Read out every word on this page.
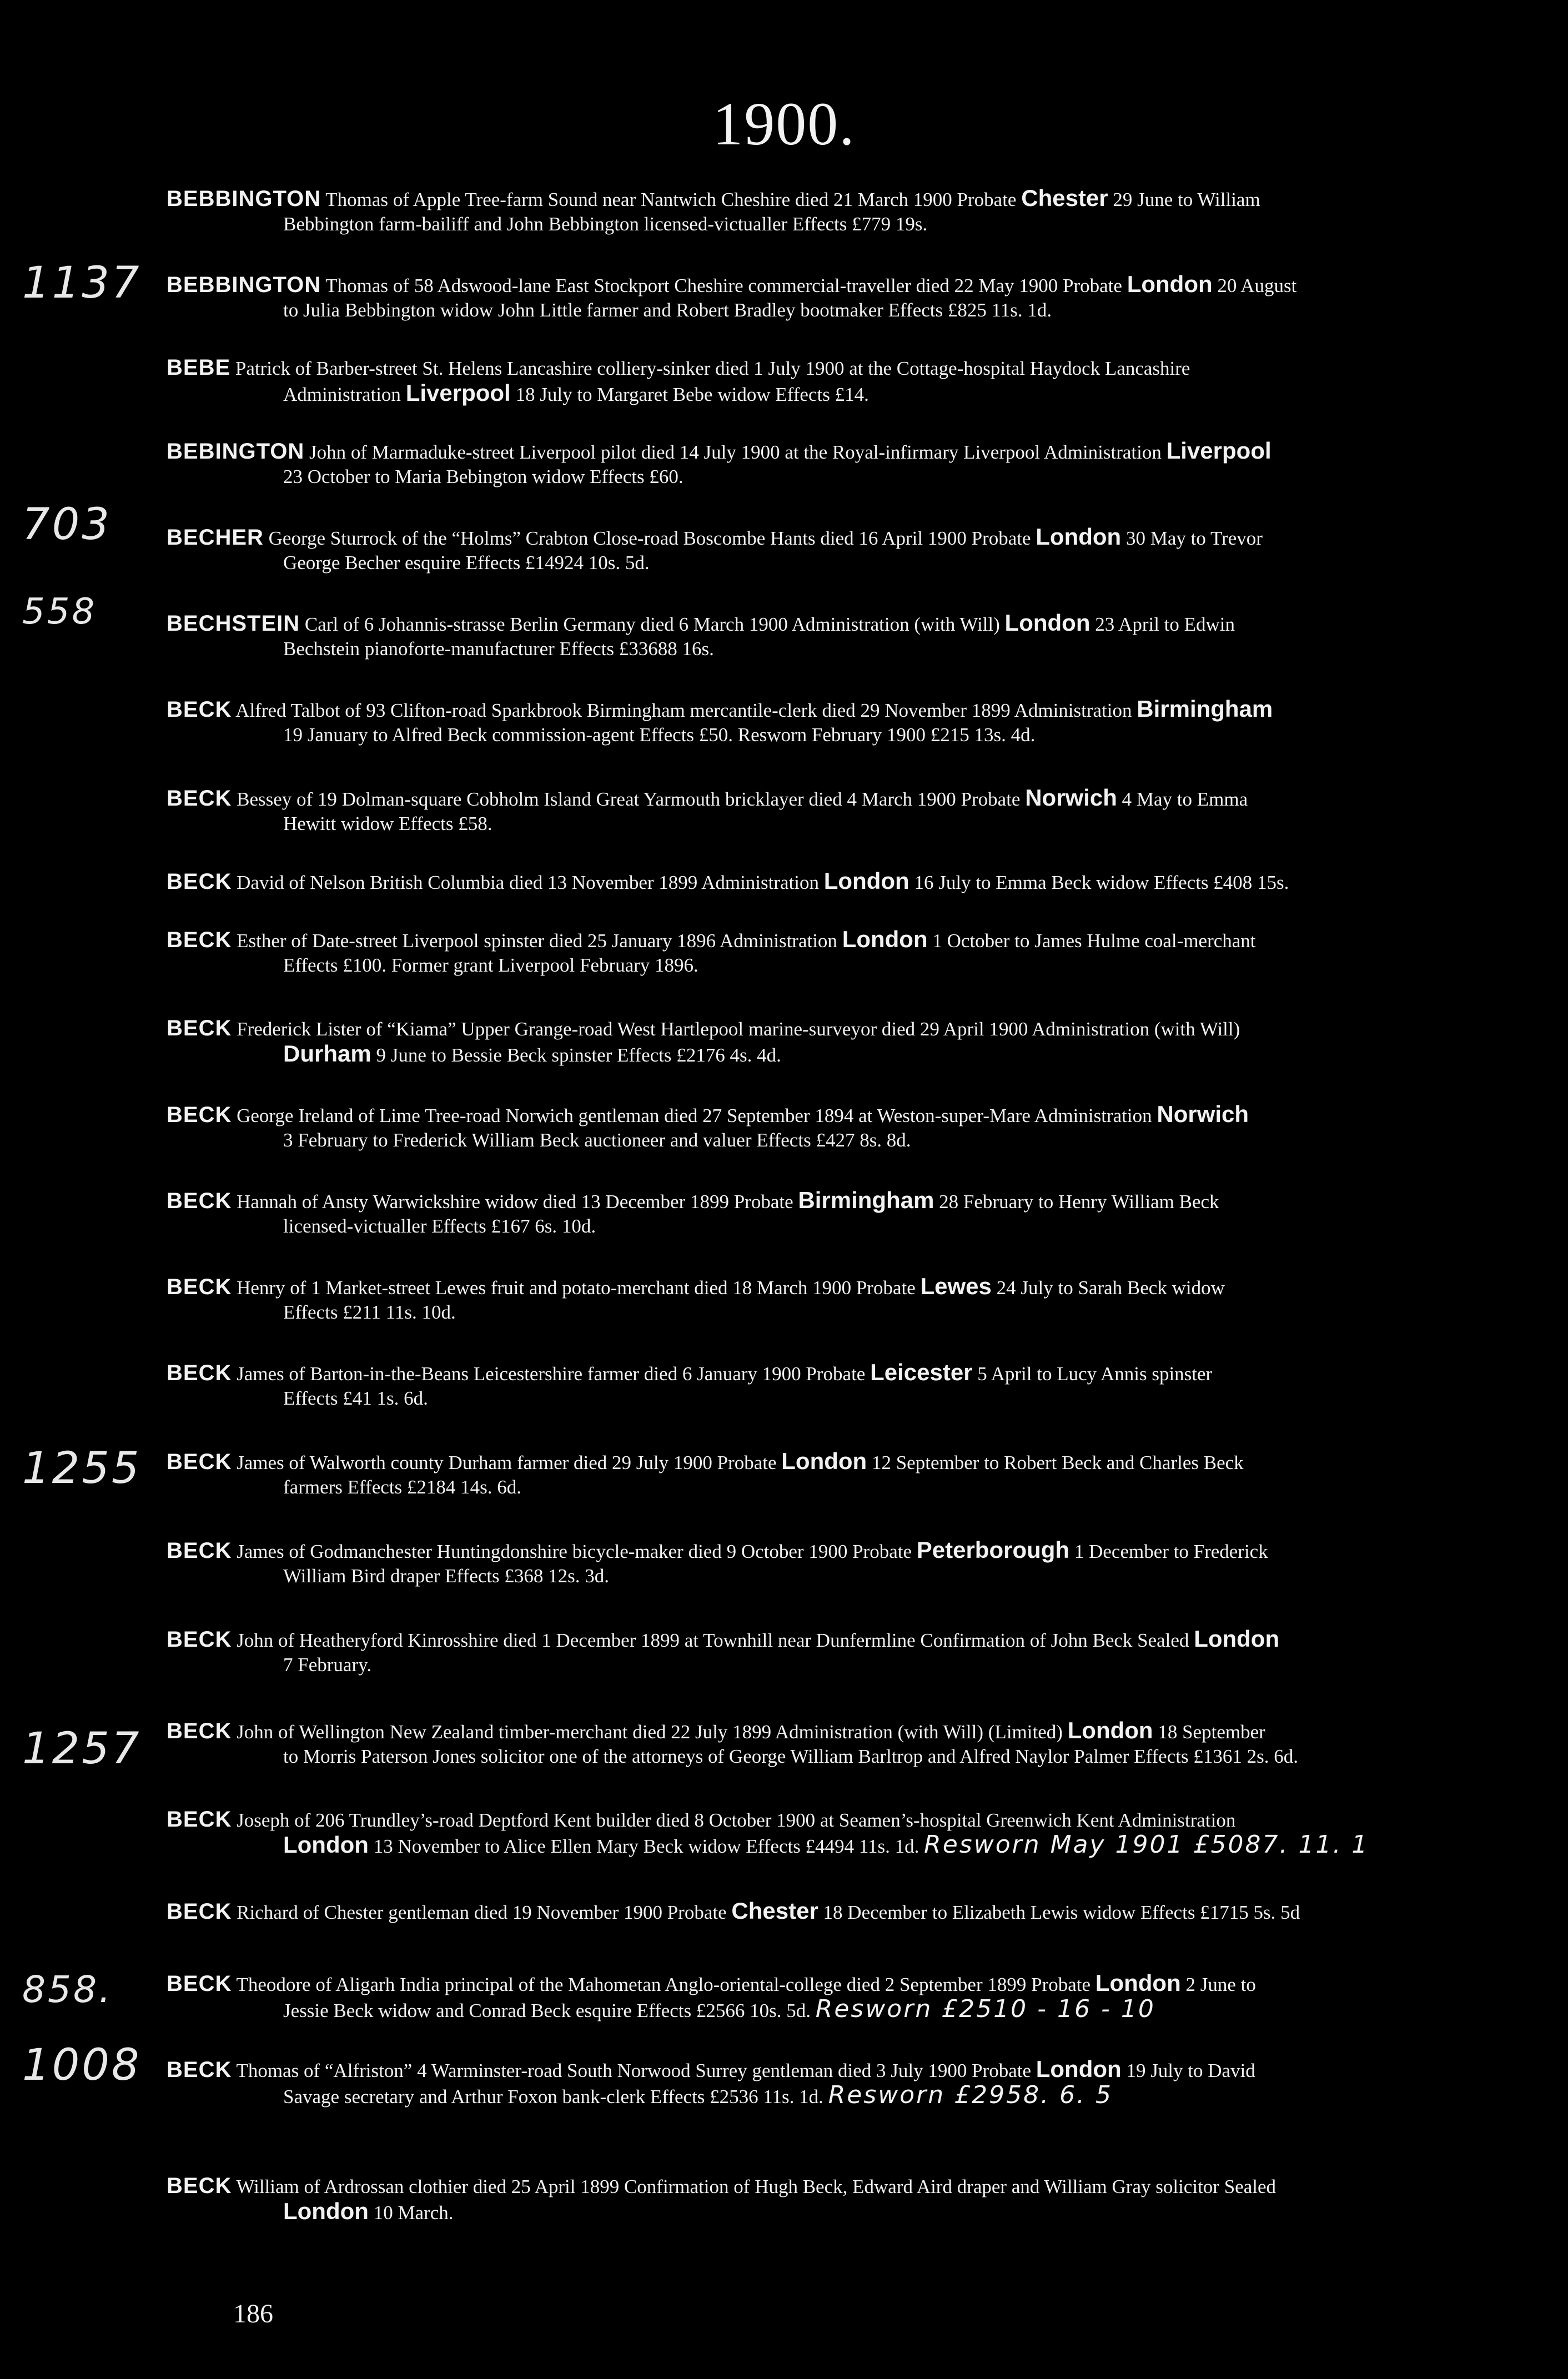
1900.
1137
703
558
1255
1257
858.
1008
BEBBINGTON Thomas of Apple Tree-farm Sound near Nantwich Cheshire died 21 March 1900 Probate Chester 29 June to William
Bebbington farm-bailiff and John Bebbington licensed-victualler Effects £779 19s.
BEBBINGTON Thomas of 58 Adswood-lane East Stockport Cheshire commercial-traveller died 22 May 1900 Probate London 20 August
to Julia Bebbington widow John Little farmer and Robert Bradley bootmaker Effects £825 11s. 1d.
BEBE Patrick of Barber-street St. Helens Lancashire colliery-sinker died 1 July 1900 at the Cottage-hospital Haydock Lancashire
Administration Liverpool 18 July to Margaret Bebe widow Effects £14.
BEBINGTON John of Marmaduke-street Liverpool pilot died 14 July 1900 at the Royal-infirmary Liverpool Administration Liverpool
23 October to Maria Bebington widow Effects £60.
BECHER George Sturrock of the “Holms” Crabton Close-road Boscombe Hants died 16 April 1900 Probate London 30 May to Trevor
George Becher esquire Effects £14924 10s. 5d.
BECHSTEIN Carl of 6 Johannis-strasse Berlin Germany died 6 March 1900 Administration (with Will) London 23 April to Edwin
Bechstein pianoforte-manufacturer Effects £33688 16s.
BECK Alfred Talbot of 93 Clifton-road Sparkbrook Birmingham mercantile-clerk died 29 November 1899 Administration Birmingham
19 January to Alfred Beck commission-agent Effects £50. Resworn February 1900 £215 13s. 4d.
BECK Bessey of 19 Dolman-square Cobholm Island Great Yarmouth bricklayer died 4 March 1900 Probate Norwich 4 May to Emma
Hewitt widow Effects £58.
BECK David of Nelson British Columbia died 13 November 1899 Administration London 16 July to Emma Beck widow Effects £408 15s.
BECK Esther of Date-street Liverpool spinster died 25 January 1896 Administration London 1 October to James Hulme coal-merchant
Effects £100. Former grant Liverpool February 1896.
BECK Frederick Lister of “Kiama” Upper Grange-road West Hartlepool marine-surveyor died 29 April 1900 Administration (with Will)
Durham 9 June to Bessie Beck spinster Effects £2176 4s. 4d.
BECK George Ireland of Lime Tree-road Norwich gentleman died 27 September 1894 at Weston-super-Mare Administration Norwich
3 February to Frederick William Beck auctioneer and valuer Effects £427 8s. 8d.
BECK Hannah of Ansty Warwickshire widow died 13 December 1899 Probate Birmingham 28 February to Henry William Beck
licensed-victualler Effects £167 6s. 10d.
BECK Henry of 1 Market-street Lewes fruit and potato-merchant died 18 March 1900 Probate Lewes 24 July to Sarah Beck widow
Effects £211 11s. 10d.
BECK James of Barton-in-the-Beans Leicestershire farmer died 6 January 1900 Probate Leicester 5 April to Lucy Annis spinster
Effects £41 1s. 6d.
BECK James of Walworth county Durham farmer died 29 July 1900 Probate London 12 September to Robert Beck and Charles Beck
farmers Effects £2184 14s. 6d.
BECK James of Godmanchester Huntingdonshire bicycle-maker died 9 October 1900 Probate Peterborough 1 December to Frederick
William Bird draper Effects £368 12s. 3d.
BECK John of Heatheryford Kinrosshire died 1 December 1899 at Townhill near Dunfermline Confirmation of John Beck Sealed London
7 February.
BECK John of Wellington New Zealand timber-merchant died 22 July 1899 Administration (with Will) (Limited) London 18 September
to Morris Paterson Jones solicitor one of the attorneys of George William Barltrop and Alfred Naylor Palmer Effects £1361 2s. 6d.
BECK Joseph of 206 Trundley’s-road Deptford Kent builder died 8 October 1900 at Seamen’s-hospital Greenwich Kent Administration
London 13 November to Alice Ellen Mary Beck widow Effects £4494 11s. 1d. Resworn May 1901 £5087. 11. 1
BECK Richard of Chester gentleman died 19 November 1900 Probate Chester 18 December to Elizabeth Lewis widow Effects £1715 5s. 5d
BECK Theodore of Aligarh India principal of the Mahometan Anglo-oriental-college died 2 September 1899 Probate London 2 June to
Jessie Beck widow and Conrad Beck esquire Effects £2566 10s. 5d. Resworn £2510 - 16 - 10
BECK Thomas of “Alfriston” 4 Warminster-road South Norwood Surrey gentleman died 3 July 1900 Probate London 19 July to David
Savage secretary and Arthur Foxon bank-clerk Effects £2536 11s. 1d. Resworn £2958. 6. 5
BECK William of Ardrossan clothier died 25 April 1899 Confirmation of Hugh Beck, Edward Aird draper and William Gray solicitor Sealed
London 10 March.
186
